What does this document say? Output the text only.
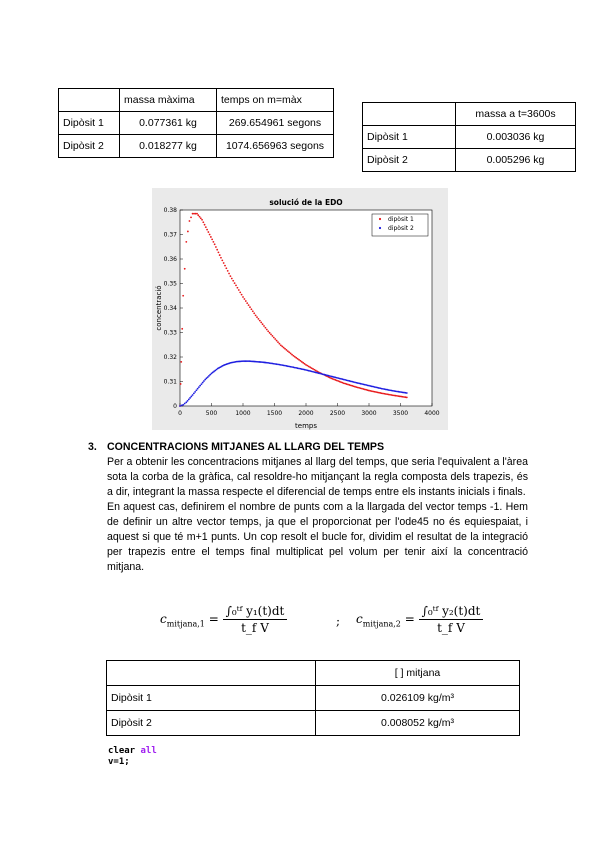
	massa màxima	temps on m=màx
Dipòsit 1	0.077361 kg	269.654961 segons
Dipòsit 2	0.018277 kg	1074.656963 segons
	massa a t=3600s
Dipòsit 1	0.003036 kg
Dipòsit 2	0.005296 kg
solució de la EDO
temps
concentració
0	500	1000	1500	2000	2500	3000	3500	4000
0
0.31
0.32
0.33
0.34
0.35
0.36
0.37
0.38
dipòsit 1
dipòsit 2
3. CONCENTRACIONS MITJANES AL LLARG DEL TEMPS
Per a obtenir les concentracions mitjanes al llarg del temps, que seria l'equivalent a l'àrea sota la corba de la gràfica, cal resoldre-ho mitjançant la regla composta dels trapezis, és a dir, integrant la massa respecte el diferencial de temps entre els instants inicials i finals.
En aquest cas, definirem el nombre de punts com a la llargada del vector temps -1. Hem de definir un altre vector temps, ja que el proporcionat per l'ode45 no és equiespaiat, i aquest si que té m+1 punts. Un cop resolt el bucle for, dividim el resultat de la integració per trapezis entre el temps final multiplicat pel volum per tenir així la concentració mitjana.
$c_{mitjana,1} = \frac{\text{∫₀ᵗᶠ y₁(t)dt}}{\text{t\_f V}}$	; $c_{mitjana,2} = \frac{\text{∫₀ᵗᶠ y₂(t)dt}}{\text{t\_f V}}$
	[ ] mitjana
Dipòsit 1	0.026109 kg/m³
Dipòsit 2	0.008052 kg/m³
clear all
v=1;
